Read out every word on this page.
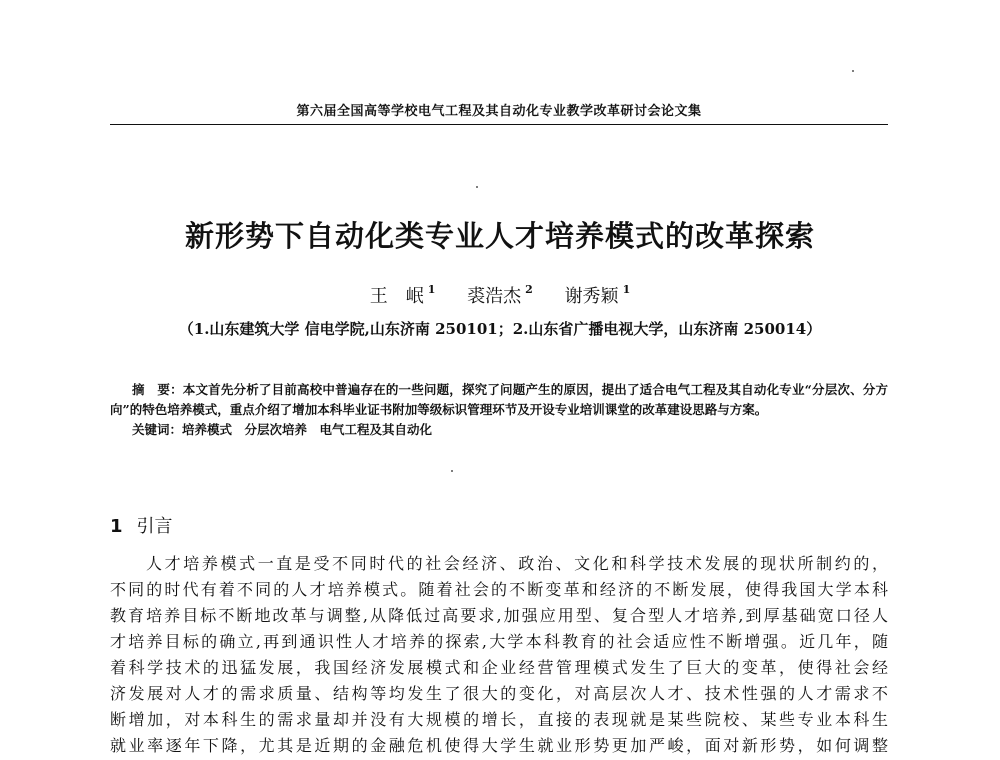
第六届全国高等学校电气工程及其自动化专业教学改革研讨会论文集
新形势下自动化类专业人才培养模式的改革探索
王　岷 $^1$ 裘浩杰 $^2$ 谢秀颖 $^1$
（1.山东建筑大学 信电学院,山东济南 250101；2.山东省广播电视大学，山东济南 250014）

摘　要：本文首先分析了目前高校中普遍存在的一些问题，探究了问题产生的原因，提出了适合电气工程及其自动化专业“分层次、分方向”的特色培养模式，重点介绍了增加本科毕业证书附加等级标识管理环节及开设专业培训课堂的改革建设思路与方案。

关键词：培养模式　分层次培养　电气工程及其自动化

1 引言
人才培养模式一直是受不同时代的社会经济、政治、文化和科学技术发展的现状所制约的，
不同的时代有着不同的人才培养模式。随着社会的不断变革和经济的不断发展，使得我国大学本科
教育培养目标不断地改革与调整,从降低过高要求,加强应用型、复合型人才培养,到厚基础宽口径人
才培养目标的确立,再到通识性人才培养的探索,大学本科教育的社会适应性不断增强。近几年，随
着科学技术的迅猛发展，我国经济发展模式和企业经营管理模式发生了巨大的变革，使得社会经
济发展对人才的需求质量、结构等均发生了很大的变化，对高层次人才、技术性强的人才需求不
断增加，对本科生的需求量却并没有大规模的增长，直接的表现就是某些院校、某些专业本科生
就业率逐年下降，尤其是近期的金融危机使得大学生就业形势更加严峻，面对新形势，如何调整
